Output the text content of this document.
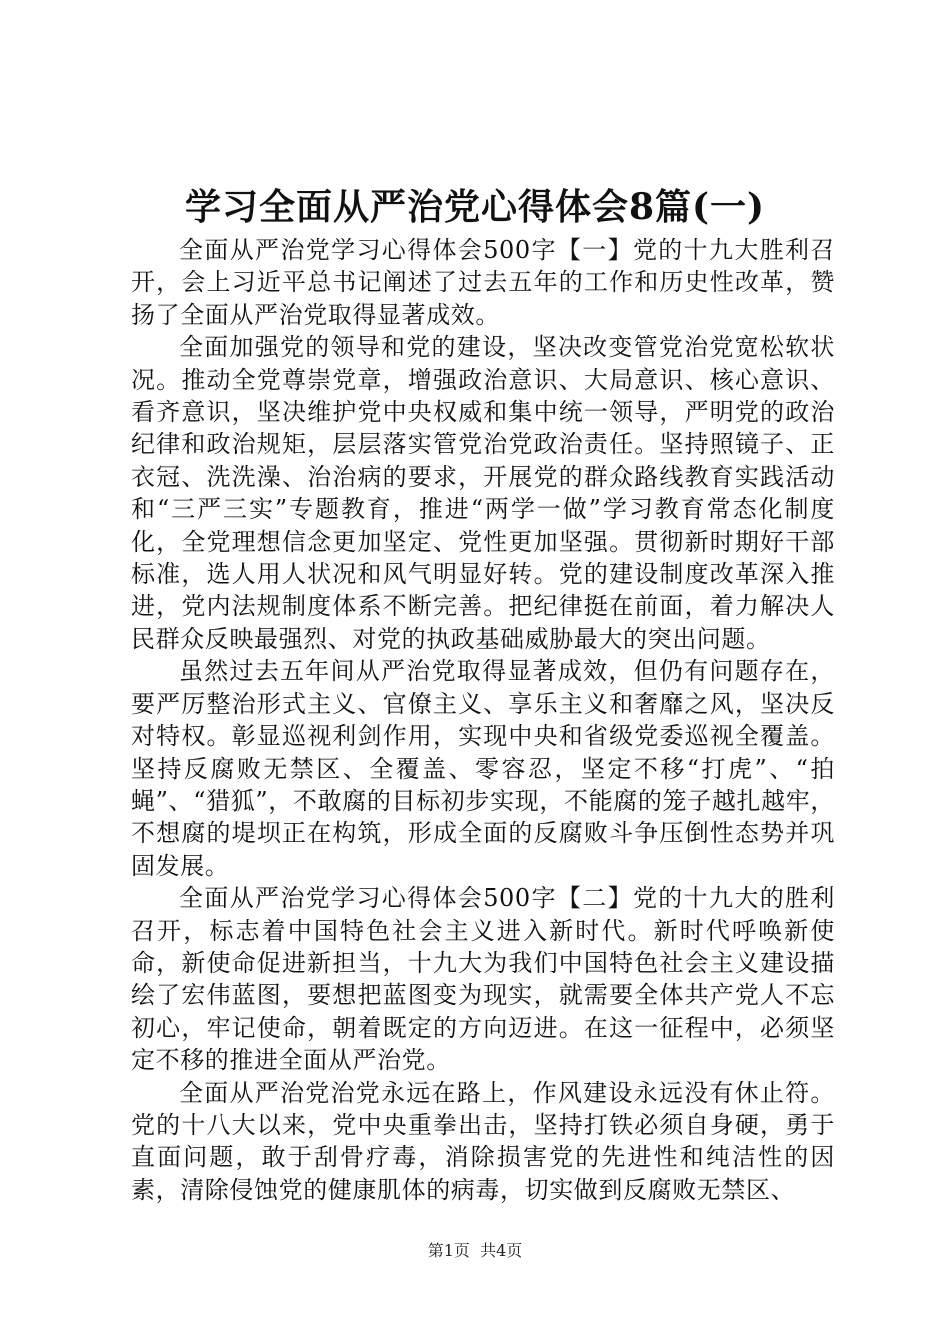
学习全面从严治党心得体会8篇(一)

全面从严治党学习心得体会500字【一】党的十九大胜利召开，会上习近平总书记阐述了过去五年的工作和历史性改革，赞扬了全面从严治党取得显著成效。

全面加强党的领导和党的建设，坚决改变管党治党宽松软状况。推动全党尊崇党章，增强政治意识、大局意识、核心意识、看齐意识，坚决维护党中央权威和集中统一领导，严明党的政治纪律和政治规矩，层层落实管党治党政治责任。坚持照镜子、正衣冠、洗洗澡、治治病的要求，开展党的群众路线教育实践活动和“三严三实”专题教育，推进“两学一做”学习教育常态化制度化，全党理想信念更加坚定、党性更加坚强。贯彻新时期好干部标准，选人用人状况和风气明显好转。党的建设制度改革深入推进，党内法规制度体系不断完善。把纪律挺在前面，着力解决人民群众反映最强烈、对党的执政基础威胁最大的突出问题。

虽然过去五年间从严治党取得显著成效，但仍有问题存在，要严厉整治形式主义、官僚主义、享乐主义和奢靡之风，坚决反对特权。彰显巡视利剑作用，实现中央和省级党委巡视全覆盖。坚持反腐败无禁区、全覆盖、零容忍，坚定不移“打虎”、“拍蝇”、“猎狐”，不敢腐的目标初步实现，不能腐的笼子越扎越牢，不想腐的堤坝正在构筑，形成全面的反腐败斗争压倒性态势并巩固发展。

全面从严治党学习心得体会500字【二】党的十九大的胜利召开，标志着中国特色社会主义进入新时代。新时代呼唤新使命，新使命促进新担当，十九大为我们中国特色社会主义建设描绘了宏伟蓝图，要想把蓝图变为现实，就需要全体共产党人不忘初心，牢记使命，朝着既定的方向迈进。在这一征程中，必须坚定不移的推进全面从严治党。

全面从严治党治党永远在路上，作风建设永远没有休止符。党的十八大以来，党中央重拳出击，坚持打铁必须自身硬，勇于直面问题，敢于刮骨疗毒，消除损害党的先进性和纯洁性的因素，清除侵蚀党的健康肌体的病毒，切实做到反腐败无禁区、

第1页  共4页
